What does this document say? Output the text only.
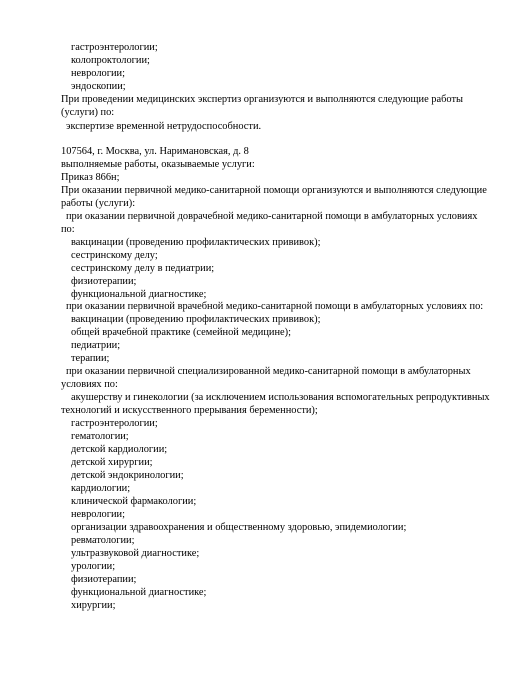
гастроэнтерологии;
колопроктологии;
неврологии;
эндоскопии;
При проведении медицинских экспертиз организуются и выполняются следующие работы
(услуги) по:
экспертизе временной нетрудоспособности.
107564, г. Москва, ул. Наримановская, д. 8
выполняемые работы, оказываемые услуги:
Приказ 866н;
При оказании первичной медико-санитарной помощи организуются и выполняются следующие
работы (услуги):
при оказании первичной доврачебной медико-санитарной помощи в амбулаторных условиях
по:
вакцинации (проведению профилактических прививок);
сестринскому делу;
сестринскому делу в педиатрии;
физиотерапии;
функциональной диагностике;
при оказании первичной врачебной медико-санитарной помощи в амбулаторных условиях по:
вакцинации (проведению профилактических прививок);
общей врачебной практике (семейной медицине);
педиатрии;
терапии;
при оказании первичной специализированной медико-санитарной помощи в амбулаторных
условиях по:
акушерству и гинекологии (за исключением использования вспомогательных репродуктивных
технологий и искусственного прерывания беременности);
гастроэнтерологии;
гематологии;
детской кардиологии;
детской хирургии;
детской эндокринологии;
кардиологии;
клинической фармакологии;
неврологии;
организации здравоохранения и общественному здоровью, эпидемиологии;
ревматологии;
ультразвуковой диагностике;
урологии;
физиотерапии;
функциональной диагностике;
хирургии;
